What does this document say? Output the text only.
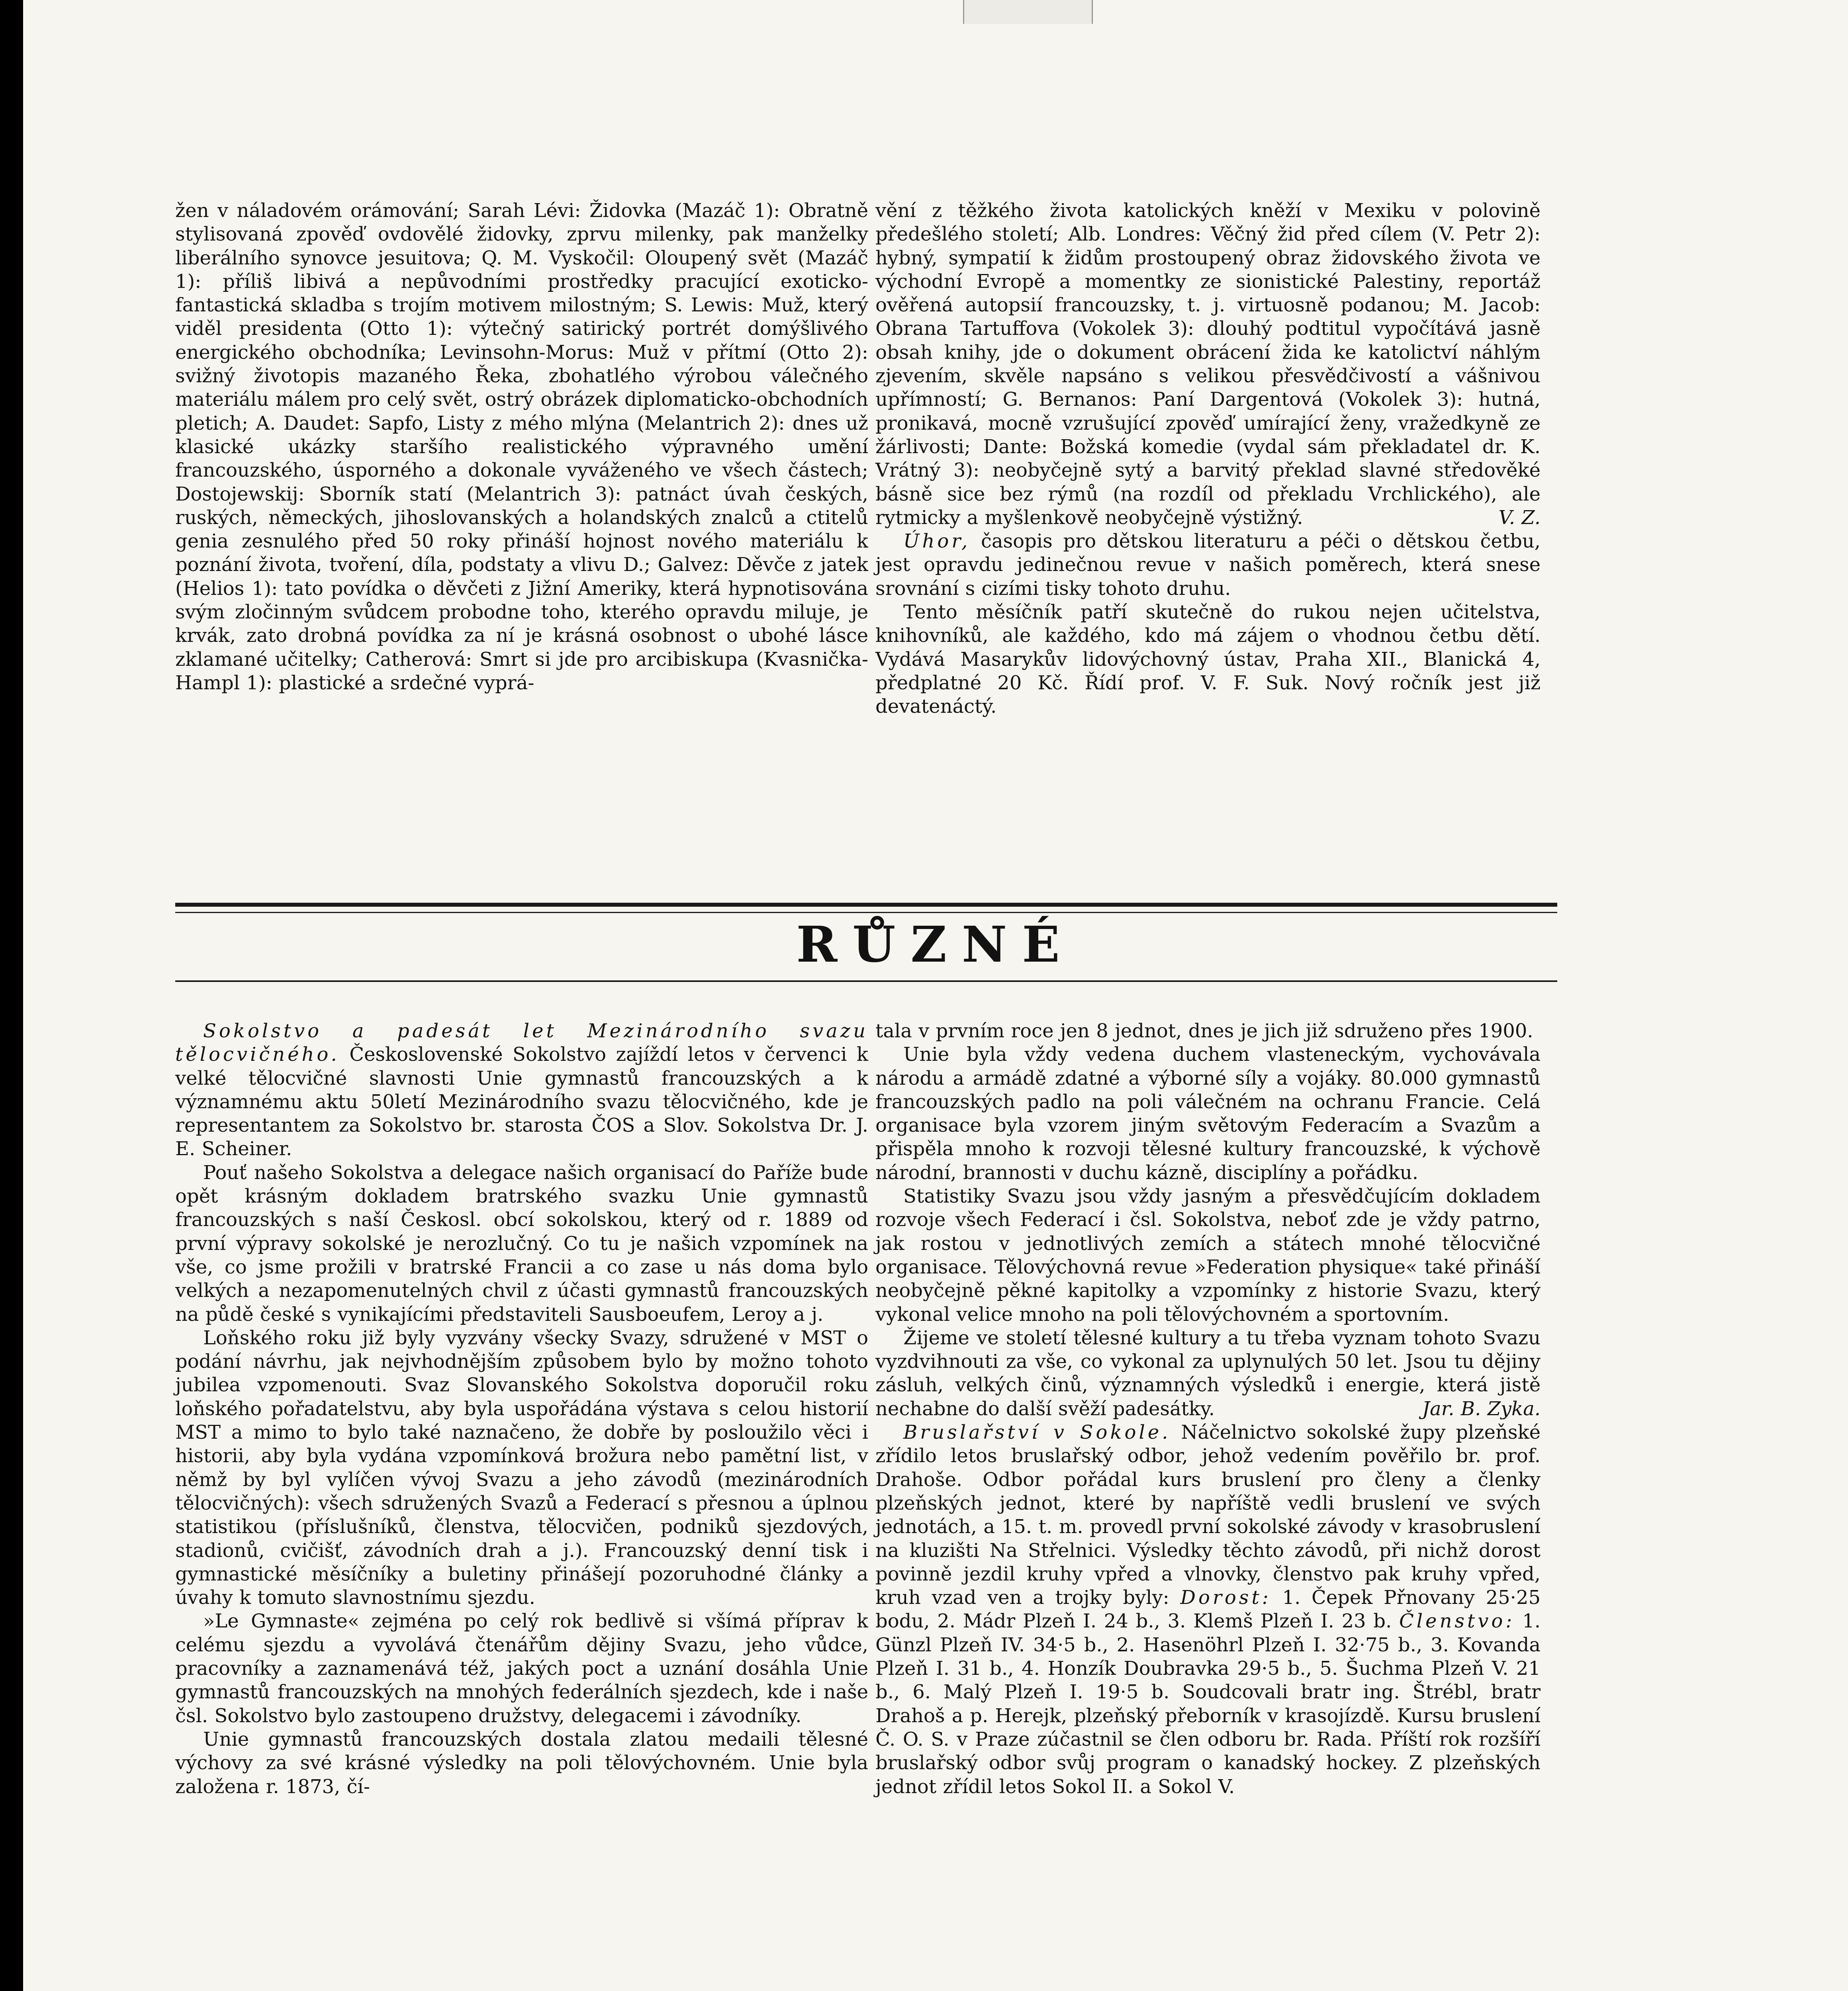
žen v náladovém orámování; Sarah Lévi: Židovka (Mazáč 1): Obratně stylisovaná zpověď ovdovělé židovky, zprvu milenky, pak manželky liberálního synovce jesuitova; Q. M. Vyskočil: Oloupený svět (Mazáč 1): příliš libivá a nepůvodními prostředky pracující exoticko-fantastická skladba s trojím motivem milostným; S. Lewis: Muž, který viděl presidenta (Otto 1): výtečný satirický portrét domýšlivého energického obchodníka; Levinsohn-Morus: Muž v přítmí (Otto 2): svižný životopis mazaného Řeka, zbohatlého výrobou válečného materiálu málem pro celý svět, ostrý obrázek diplomaticko-obchodních pletich; A. Daudet: Sapfo, Listy z mého mlýna (Melantrich 2): dnes už klasické ukázky staršího realistického výpravného umění francouzského, úsporného a dokonale vyváženého ve všech částech; Dostojewskij: Sborník statí (Melantrich 3): patnáct úvah českých, ruských, německých, jihoslovanských a holandských znalců a ctitelů genia zesnulého před 50 roky přináší hojnost nového materiálu k poznání života, tvoření, díla, podstaty a vlivu D.; Galvez: Děvče z jatek (Helios 1): tato povídka o děvčeti z Jižní Ameriky, která hypnotisována svým zločinným svůdcem probodne toho, kterého opravdu miluje, je krvák, zato drobná povídka za ní je krásná osobnost o ubohé lásce zklamané učitelky; Catherová: Smrt si jde pro arcibiskupa (Kvasnička-Hampl 1): plastické a srdečné vyprá-

vění z těžkého života katolických kněží v Mexiku v polovině předešlého století; Alb. Londres: Věčný žid před cílem (V. Petr 2): hybný, sympatií k židům prostoupený obraz židovského života ve východní Evropě a momentky ze sionistické Palestiny, reportáž ověřená autopsií francouzsky, t. j. virtuosně podanou; M. Jacob: Obrana Tartuffova (Vokolek 3): dlouhý podtitul vypočítává jasně obsah knihy, jde o dokument obrácení žida ke katolictví náhlým zjevením, skvěle napsáno s velikou přesvědčivostí a vášnivou upřímností; G. Bernanos: Paní Dargentová (Vokolek 3): hutná, pronikavá, mocně vzrušující zpověď umírající ženy, vražedkyně ze žárlivosti; Dante: Božská komedie (vydal sám překladatel dr. K. Vrátný 3): neobyčejně sytý a barvitý překlad slavné středověké básně sice bez rýmů (na rozdíl od překladu Vrchlického), ale rytmicky a myšlenkově neobyčejně výstižný.	V. Z.

Úhor, časopis pro dětskou literaturu a péči o dětskou četbu, jest opravdu jedinečnou revue v našich poměrech, která snese srovnání s cizími tisky tohoto druhu.

Tento měsíčník patří skutečně do rukou nejen učitelstva, knihovníků, ale každého, kdo má zájem o vhodnou četbu dětí. Vydává Masarykův lidovýchovný ústav, Praha XII., Blanická 4, předplatné 20 Kč. Řídí prof. V. F. Suk. Nový ročník jest již devatenáctý.

RŮZNÉ

Sokolstvo a padesát let Mezinárodního svazu tělocvičného. Československé Sokolstvo zajíždí letos v červenci k velké tělocvičné slavnosti Unie gymnastů francouzských a k významnému aktu 50letí Mezinárodního svazu tělocvičného, kde je representantem za Sokolstvo br. starosta ČOS a Slov. Sokolstva Dr. J. E. Scheiner.

Pouť našeho Sokolstva a delegace našich organisací do Paříže bude opět krásným dokladem bratrského svazku Unie gymnastů francouzských s naší Českosl. obcí sokolskou, který od r. 1889 od první výpravy sokolské je nerozlučný. Co tu je našich vzpomínek na vše, co jsme prožili v bratrské Francii a co zase u nás doma bylo velkých a nezapomenutelných chvil z účasti gymnastů francouzských na půdě české s vynikajícími představiteli Sausboeufem, Leroy a j.

Loňského roku již byly vyzvány všecky Svazy, sdružené v MST o podání návrhu, jak nejvhodnějším způsobem bylo by možno tohoto jubilea vzpomenouti. Svaz Slovanského Sokolstva doporučil roku loňského pořadatelstvu, aby byla uspořádána výstava s celou historií MST a mimo to bylo také naznačeno, že dobře by posloužilo věci i historii, aby byla vydána vzpomínková brožura nebo pamětní list, v němž by byl vylíčen vývoj Svazu a jeho závodů (mezinárodních tělocvičných): všech sdružených Svazů a Federací s přesnou a úplnou statistikou (příslušníků, členstva, tělocvičen, podniků sjezdových, stadionů, cvičišť, závodních drah a j.). Francouzský denní tisk i gymnastické měsíčníky a buletiny přinášejí pozoruhodné články a úvahy k tomuto slavnostnímu sjezdu.

»Le Gymnaste« zejména po celý rok bedlivě si všímá příprav k celému sjezdu a vyvolává čtenářům dějiny Svazu, jeho vůdce, pracovníky a zaznamenává též, jakých poct a uznání dosáhla Unie gymnastů francouzských na mnohých federálních sjezdech, kde i naše čsl. Sokolstvo bylo zastoupeno družstvy, delegacemi i závodníky.

Unie gymnastů francouzských dostala zlatou medaili tělesné výchovy za své krásné výsledky na poli tělovýchovném. Unie byla založena r. 1873, čí-

tala v prvním roce jen 8 jednot, dnes je jich již sdruženo přes 1900.

Unie byla vždy vedena duchem vlasteneckým, vychovávala národu a armádě zdatné a výborné síly a vojáky. 80.000 gymnastů francouzských padlo na poli válečném na ochranu Francie. Celá organisace byla vzorem jiným světovým Federacím a Svazům a přispěla mnoho k rozvoji tělesné kultury francouzské, k výchově národní, brannosti v duchu kázně, disciplíny a pořádku.

Statistiky Svazu jsou vždy jasným a přesvědčujícím dokladem rozvoje všech Federací i čsl. Sokolstva, neboť zde je vždy patrno, jak rostou v jednotlivých zemích a státech mnohé tělocvičné organisace. Tělovýchovná revue »Federation physique« také přináší neobyčejně pěkné kapitolky a vzpomínky z historie Svazu, který vykonal velice mnoho na poli tělovýchovném a sportovním.

Žijeme ve století tělesné kultury a tu třeba vyznam tohoto Svazu vyzdvihnouti za vše, co vykonal za uplynulých 50 let. Jsou tu dějiny zásluh, velkých činů, významných výsledků i energie, která jistě nechabne do další svěží padesátky.	Jar. B. Zyka.

Bruslařství v Sokole. Náčelnictvo sokolské župy plzeňské zřídilo letos bruslařský odbor, jehož vedením pověřilo br. prof. Drahoše. Odbor pořádal kurs bruslení pro členy a členky plzeňských jednot, které by napříště vedli bruslení ve svých jednotách, a 15. t. m. provedl první sokolské závody v krasobruslení na kluzišti Na Střelnici. Výsledky těchto závodů, při nichž dorost povinně jezdil kruhy vpřed a vlnovky, členstvo pak kruhy vpřed, kruh vzad ven a trojky byly: Dorost: 1. Čepek Přnovany 25·25 bodu, 2. Mádr Plzeň I. 24 b., 3. Klemš Plzeň I. 23 b. Členstvo: 1. Günzl Plzeň IV. 34·5 b., 2. Hasenöhrl Plzeň I. 32·75 b., 3. Kovanda Plzeň I. 31 b., 4. Honzík Doubravka 29·5 b., 5. Šuchma Plzeň V. 21 b., 6. Malý Plzeň I. 19·5 b. Soudcovali bratr ing. Štrébl, bratr Drahoš a p. Herejk, plzeňský přeborník v krasojízdě. Kursu bruslení Č. O. S. v Praze zúčastnil se člen odboru br. Rada. Příští rok rozšíří bruslařský odbor svůj program o kanadský hockey. Z plzeňských jednot zřídil letos Sokol II. a Sokol V.
